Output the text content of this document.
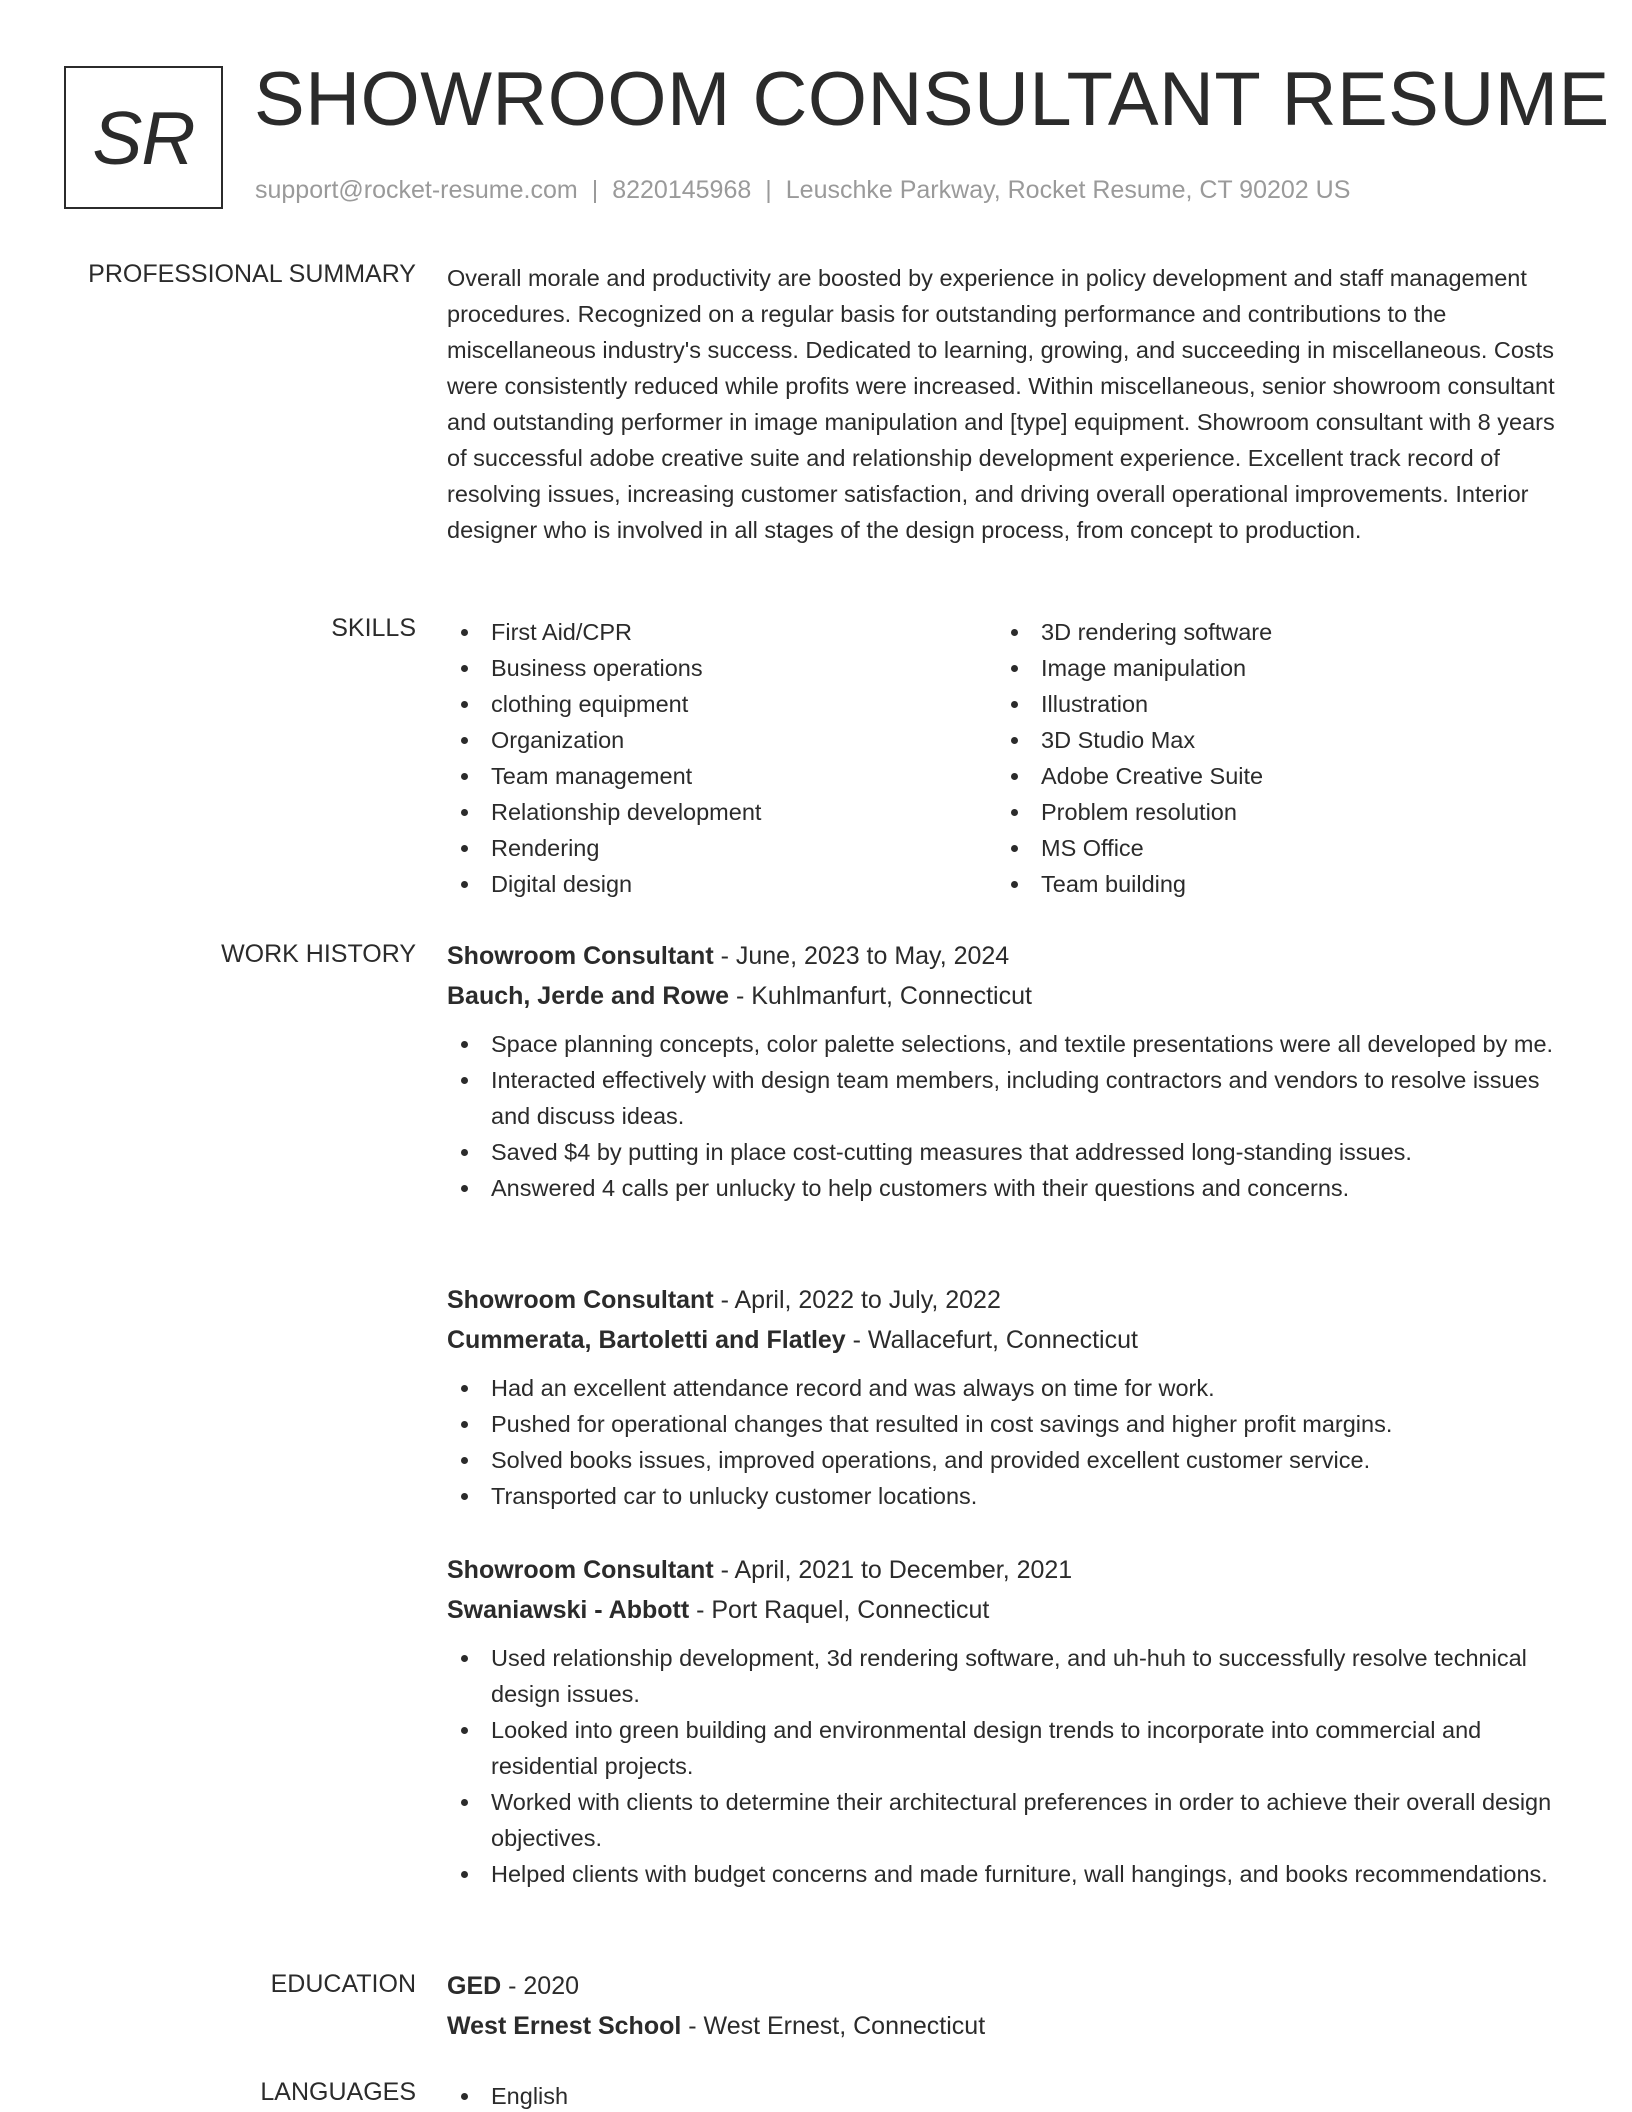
SR SHOWROOM CONSULTANT RESUME
support@rocket-resume.com | 8220145968 | Leuschke Parkway, Rocket Resume, CT 90202 US
PROFESSIONAL SUMMARY Overall morale and productivity are boosted by experience in policy development and staff management procedures. Recognized on a regular basis for outstanding performance and contributions to the miscellaneous industry's success. Dedicated to learning, growing, and succeeding in miscellaneous. Costs were consistently reduced while profits were increased. Within miscellaneous, senior showroom consultant and outstanding performer in image manipulation and [type] equipment. Showroom consultant with 8 years of successful adobe creative suite and relationship development experience. Excellent track record of resolving issues, increasing customer satisfaction, and driving overall operational improvements. Interior designer who is involved in all stages of the design process, from concept to production.

SKILLS	First Aid/CPR
Business operations
clothing equipment
Organization
Team management
Relationship development
Rendering
Digital design
3D rendering software
Image manipulation
Illustration
3D Studio Max
Adobe Creative Suite
Problem resolution
MS Office
Team building
WORK HISTORY Showroom Consultant - June, 2023 to May, 2024
Bauch, Jerde and Rowe - Kuhlmanfurt, Connecticut
Space planning concepts, color palette selections, and textile presentations were all developed by me.
Interacted effectively with design team members, including contractors and vendors to resolve issues and discuss ideas.
Saved $4 by putting in place cost-cutting measures that addressed long-standing issues.
Answered 4 calls per unlucky to help customers with their questions and concerns.
Showroom Consultant - April, 2022 to July, 2022
Cummerata, Bartoletti and Flatley - Wallacefurt, Connecticut
Had an excellent attendance record and was always on time for work.
Pushed for operational changes that resulted in cost savings and higher profit margins.
Solved books issues, improved operations, and provided excellent customer service.
Transported car to unlucky customer locations.
Showroom Consultant - April, 2021 to December, 2021
Swaniawski - Abbott - Port Raquel, Connecticut
Used relationship development, 3d rendering software, and uh-huh to successfully resolve technical design issues.
Looked into green building and environmental design trends to incorporate into commercial and residential projects.
Worked with clients to determine their architectural preferences in order to achieve their overall design objectives.
Helped clients with budget concerns and made furniture, wall hangings, and books recommendations.
EDUCATION GED - 2020
West Ernest School - West Ernest, Connecticut
LANGUAGES	English
